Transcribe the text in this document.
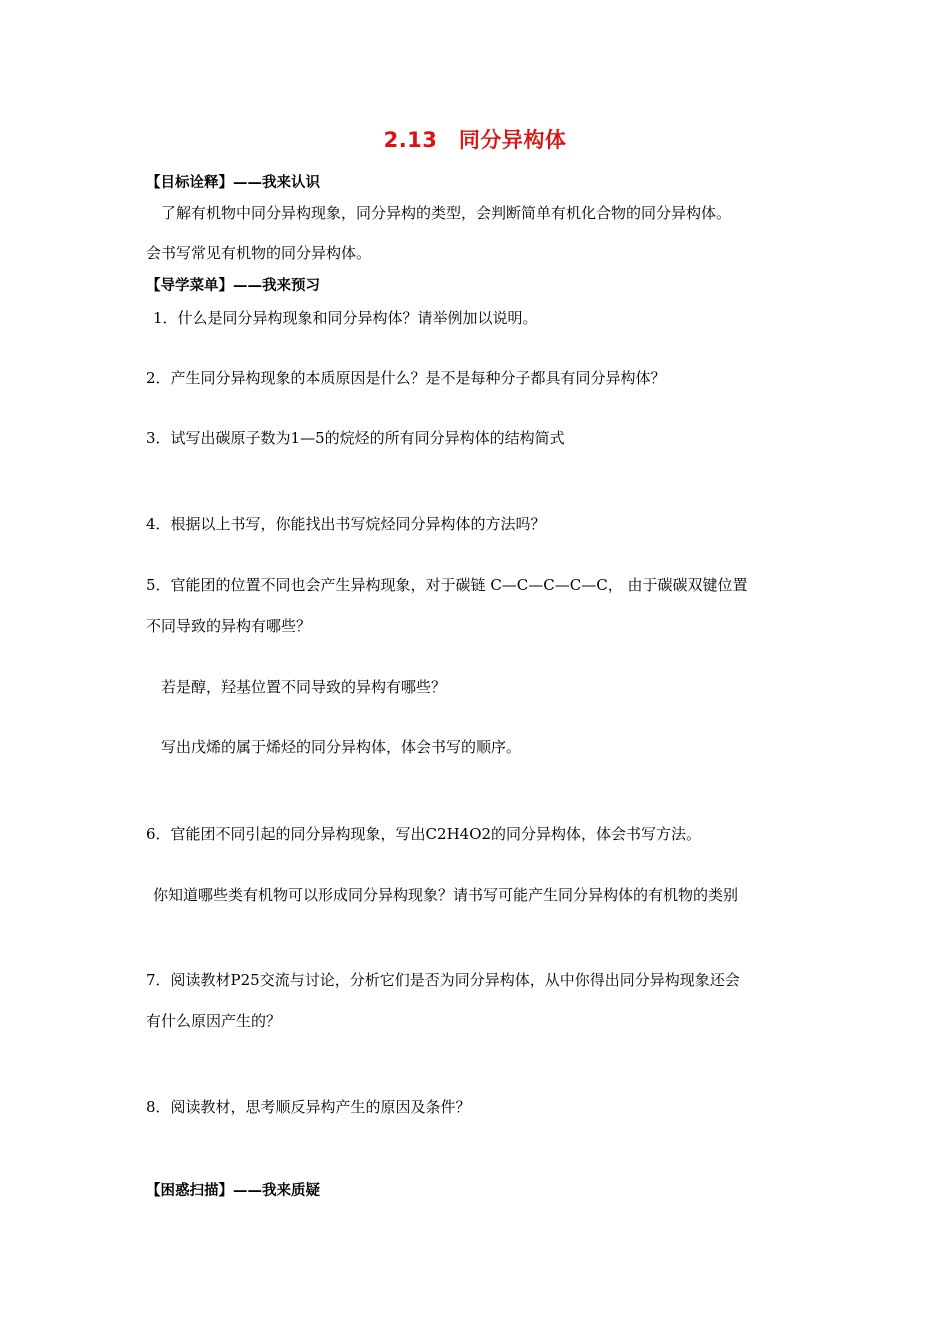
2.13　同分异构体
【目标诠释】——我来认识
了解有机物中同分异构现象，同分异构的类型，会判断简单有机化合物的同分异构体。
会书写常见有机物的同分异构体。
【导学菜单】——我来预习
1．什么是同分异构现象和同分异构体？请举例加以说明。
2．产生同分异构现象的本质原因是什么？是不是每种分子都具有同分异构体？
3．试写出碳原子数为1—5的烷烃的所有同分异构体的结构简式
4．根据以上书写，你能找出书写烷烃同分异构体的方法吗？
5．官能团的位置不同也会产生异构现象，对于碳链 C—C—C—C—C， 由于碳碳双键位置
不同导致的异构有哪些？
若是醇，羟基位置不同导致的异构有哪些？
写出戊烯的属于烯烃的同分异构体，体会书写的顺序。
6．官能团不同引起的同分异构现象，写出C2H4O2的同分异构体，体会书写方法。
你知道哪些类有机物可以形成同分异构现象？请书写可能产生同分异构体的有机物的类别
7．阅读教材P25交流与讨论，分析它们是否为同分异构体，从中你得出同分异构现象还会
有什么原因产生的？
8．阅读教材，思考顺反异构产生的原因及条件？
【困惑扫描】——我来质疑
